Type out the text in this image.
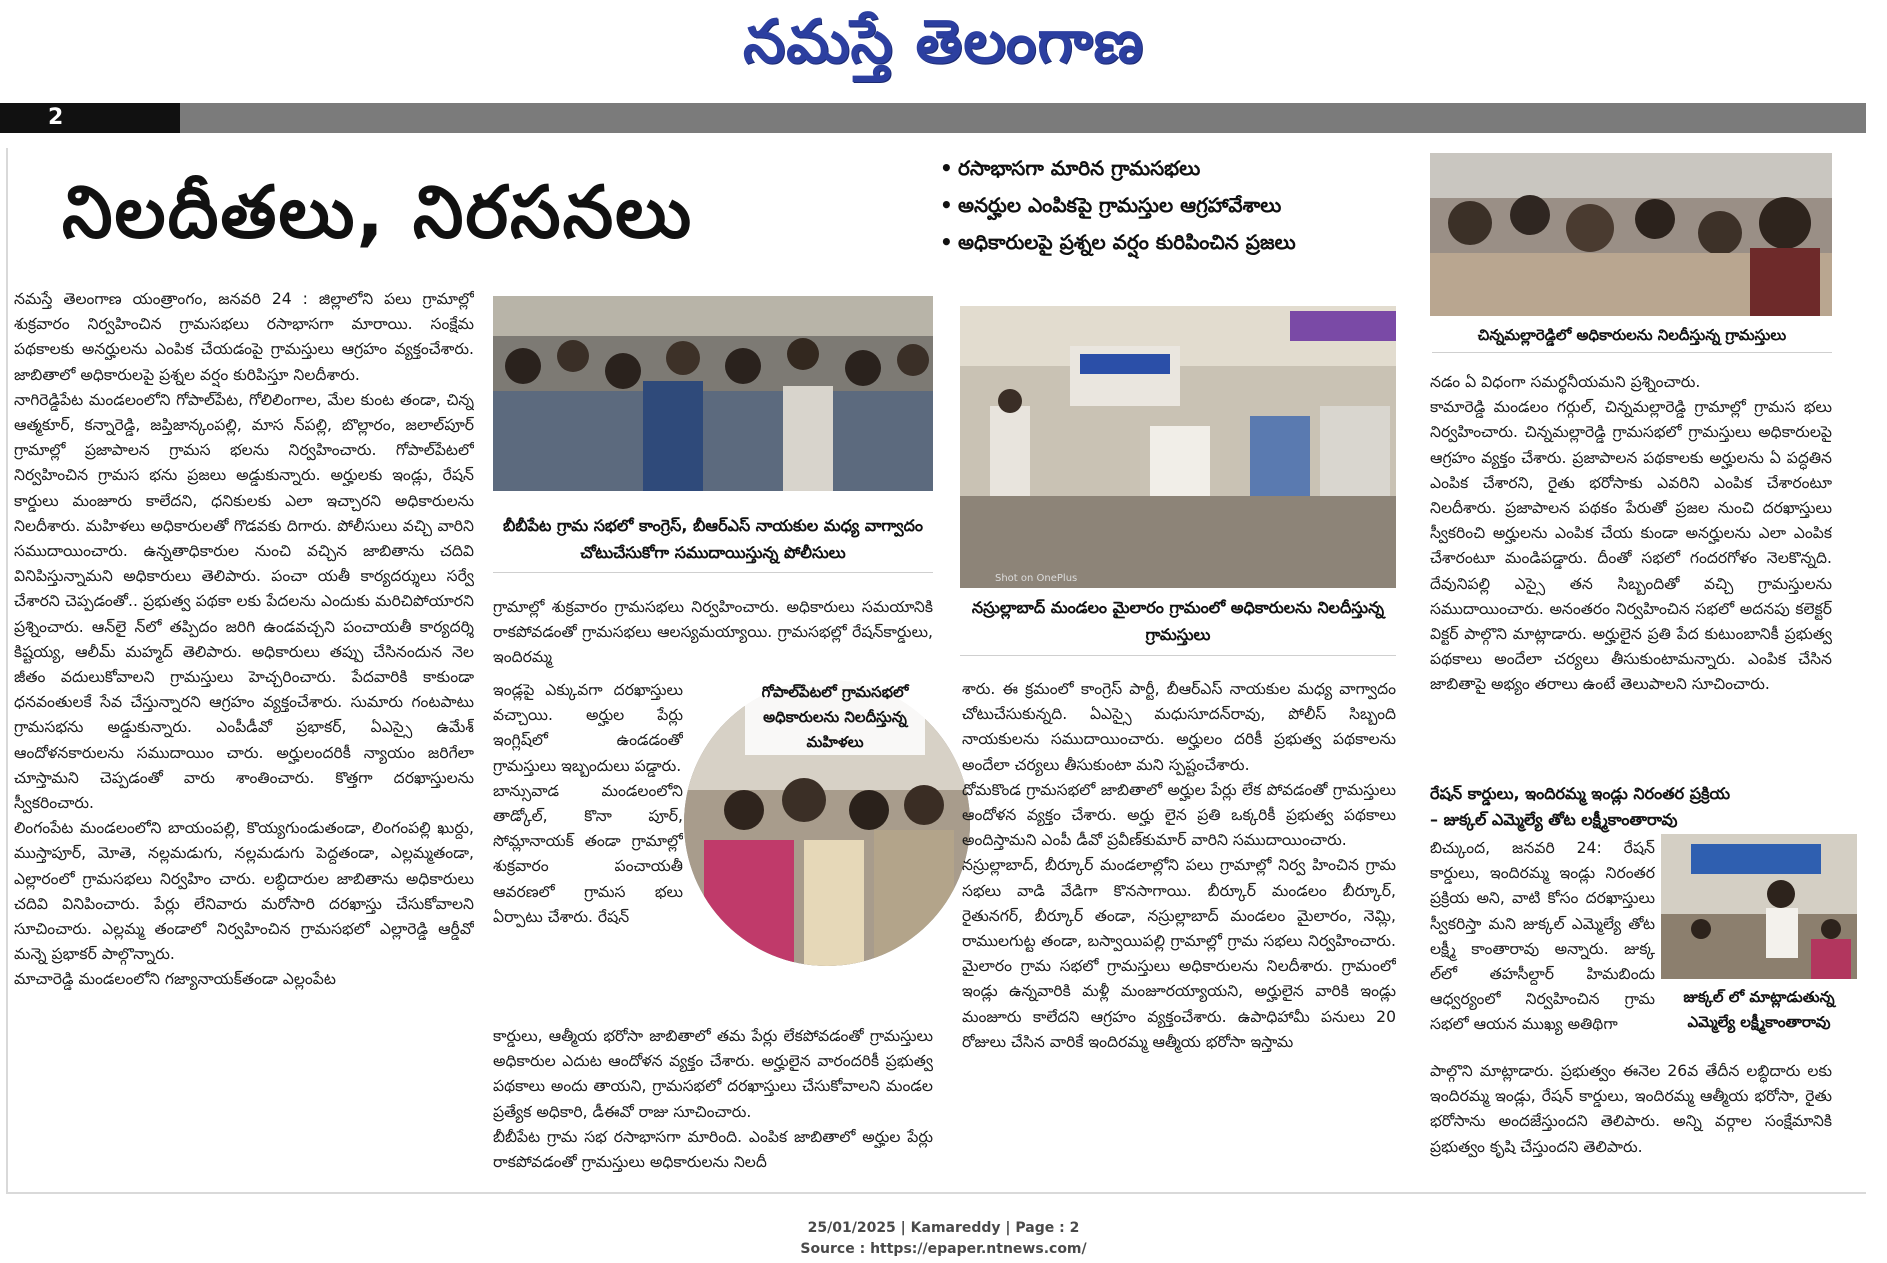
నమస్తే తెలంగాణ
2
నిలదీతలు, నిరసనలు
• రసాభాసగా మారిన గ్రామసభలు
• అనర్హుల ఎంపికపై గ్రామస్తుల ఆగ్రహావేశాలు
• అధికారులపై ప్రశ్నల వర్షం కురిపించిన ప్రజలు
చిన్నమల్లారెడ్డిలో అధికారులను నిలదీస్తున్న గ్రామస్తులు

నమస్తే తెలంగాణ యంత్రాంగం, జనవరి 24 : జిల్లాలోని పలు గ్రామాల్లో శుక్రవారం నిర్వహించిన గ్రామసభలు రసాభాసగా మారాయి. సంక్షేమ పథకాలకు అనర్హులను ఎంపిక చేయడంపై గ్రామస్తులు ఆగ్రహం వ్యక్తంచేశారు. జాబితాలో అధికారులపై ప్రశ్నల వర్షం కురిపిస్తూ నిలదీశారు.

నాగిరెడ్డిపేట మండలంలోని గోపాల్‌పేట, గోలిలింగాల, మేల కుంట తండా, చిన్న ఆత్మకూర్, కన్నారెడ్డి, జప్తిజాన్కంపల్లి, మాస న్‌పల్లి, బొల్లారం, జలాల్‌పూర్ గ్రామాల్లో ప్రజాపాలన గ్రామస భలను నిర్వహించారు. గోపాల్‌పేటలో నిర్వహించిన గ్రామస భను ప్రజలు అడ్డుకున్నారు. అర్హులకు ఇండ్లు, రేషన్ కార్డులు మంజూరు కాలేదని, ధనికులకు ఎలా ఇచ్చారని అధికారులను నిలదీశారు. మహిళలు అధికారులతో గొడవకు దిగారు. పోలీసులు వచ్చి వారిని సముదాయించారు. ఉన్నతాధికారుల నుంచి వచ్చిన జాబితాను చదివి వినిపిస్తున్నామని అధికారులు తెలిపారు. పంచా యతీ కార్యదర్శులు సర్వే చేశారని చెప్పడంతో.. ప్రభుత్వ పథకా లకు పేదలను ఎందుకు మరిచిపోయారని ప్రశ్నించారు. ఆన్‌లై న్‌లో తప్పిదం జరిగి ఉండవచ్చని పంచాయతీ కార్యదర్శి కిష్టయ్య, ఆలీమ్ మహ్మద్ తెలిపారు. అధికారులు తప్పు చేసినందున నెల జీతం వదులుకోవాలని గ్రామస్తులు హెచ్చరించారు. పేదవారికి కాకుండా ధనవంతులకే సేవ చేస్తున్నారని ఆగ్రహం వ్యక్తంచేశారు. సుమారు గంటపాటు గ్రామసభను అడ్డుకున్నారు. ఎంపీడీవో ప్రభాకర్, ఏఎస్సై ఉమేశ్ ఆందోళనకారులను సముదాయిం చారు. అర్హులందరికీ న్యాయం జరిగేలా చూస్తామని చెప్పడంతో వారు శాంతించారు. కొత్తగా దరఖాస్తులను స్వీకరించారు.

లింగంపేట మండలంలోని బాయంపల్లి, కొయ్యగుండుతండా, లింగంపల్లి ఖుర్దు, ముస్తాపూర్, మోతె, నల్లమడుగు, నల్లమడుగు పెద్దతండా, ఎల్లమ్మతండా, ఎల్లారంలో గ్రామసభలు నిర్వహిం చారు. లబ్ధిదారుల జాబితాను అధికారులు చదివి వినిపించారు. పేర్లు లేనివారు మరోసారి దరఖాస్తు చేసుకోవాలని సూచించారు. ఎల్లమ్మ తండాలో నిర్వహించిన గ్రామసభలో ఎల్లారెడ్డి ఆర్డీవో మన్నె ప్రభాకర్ పాల్గొన్నారు.

మాచారెడ్డి మండలంలోని గజ్యానాయక్‌తండా ఎల్లంపేట

బీబీపేట గ్రామ సభలో కాంగ్రెస్, బీఆర్‌ఎస్ నాయకుల మధ్య వాగ్వాదం చోటుచేసుకోగా సముదాయిస్తున్న పోలీసులు
Shot on OnePlus
నస్రుల్లాబాద్ మండలం మైలారం గ్రామంలో అధికారులను నిలదీస్తున్న గ్రామస్తులు

గ్రామాల్లో శుక్రవారం గ్రామసభలు నిర్వహించారు. అధికారులు సమయానికి రాకపోవడంతో గ్రామసభలు ఆలస్యమయ్యాయి. గ్రామసభల్లో రేషన్‌కార్డులు, ఇందిరమ్మ

ఇండ్లపై ఎక్కువగా దరఖాస్తులు వచ్చాయి. అర్హుల పేర్లు ఇంగ్లిష్‌లో ఉండడంతో గ్రామస్తులు ఇబ్బందులు పడ్డారు.

బాన్సువాడ మండలంలోని తాడ్కోల్, కొనా పూర్, సోమ్లానాయక్ తండా గ్రామాల్లో శుక్రవారం పంచాయతీ ఆవరణలో గ్రామస భలు ఏర్పాటు చేశారు. రేషన్

గోపాల్‌పేటలో గ్రామసభలో అధికారులను నిలదీస్తున్న మహిళలు

కార్డులు, ఆత్మీయ భరోసా జాబితాలో తమ పేర్లు లేకపోవడంతో గ్రామస్తులు అధికారుల ఎదుట ఆందోళన వ్యక్తం చేశారు. అర్హులైన వారందరికీ ప్రభుత్వ పథకాలు అందు తాయని, గ్రామసభలో దరఖాస్తులు చేసుకోవాలని మండల ప్రత్యేక అధికారి, డీఈవో రాజు సూచించారు.

బీబీపేట గ్రామ సభ రసాభాసగా మారింది. ఎంపిక జాబితాలో అర్హుల పేర్లు రాకపోవడంతో గ్రామస్తులు అధికారులను నిలదీ

శారు. ఈ క్రమంలో కాంగ్రెస్ పార్టీ, బీఆర్‌ఎస్ నాయకుల మధ్య వాగ్వాదం చోటుచేసుకున్నది. ఏఎస్సై మధుసూదన్‌రావు, పోలీస్ సిబ్బంది నాయకులను సముదాయించారు. అర్హులం దరికీ ప్రభుత్వ పథకాలను అందేలా చర్యలు తీసుకుంటా మని స్పష్టంచేశారు.

దోమకొండ గ్రామసభలో జాబితాలో అర్హుల పేర్లు లేక పోవడంతో గ్రామస్తులు ఆందోళన వ్యక్తం చేశారు. అర్హు లైన ప్రతి ఒక్కరికీ ప్రభుత్వ పథకాలు అందిస్తామని ఎంపీ డీవో ప్రవీణ్‌కుమార్ వారిని సముదాయించారు.

నస్రుల్లాబాద్, బీర్కూర్ మండలాల్లోని పలు గ్రామాల్లో నిర్వ హించిన గ్రామ సభలు వాడి వేడిగా కొనసాగాయి. బీర్కూర్ మండలం బీర్కూర్, రైతునగర్, బీర్కూర్ తండా, నస్రుల్లాబాద్ మండలం మైలారం, నెమ్లి, రాములగుట్ట తండా, బస్వాయిపల్లి గ్రామాల్లో గ్రామ సభలు నిర్వహించారు. మైలారం గ్రామ సభలో గ్రామస్తులు అధికారులను నిలదీశారు. గ్రామంలో ఇండ్లు ఉన్నవారికి మళ్లీ మంజూరయ్యాయని, అర్హులైన వారికి ఇండ్లు మంజూరు కాలేదని ఆగ్రహం వ్యక్తంచేశారు. ఉపాధిహామీ పనులు 20 రోజులు చేసిన వారికే ఇందిరమ్మ ఆత్మీయ భరోసా ఇస్తామ

నడం ఏ విధంగా సమర్థనీయమని ప్రశ్నించారు.

కామారెడ్డి మండలం గర్గుల్, చిన్నమల్లారెడ్డి గ్రామాల్లో గ్రామస భలు నిర్వహించారు. చిన్నమల్లారెడ్డి గ్రామసభలో గ్రామస్తులు అధికారులపై ఆగ్రహం వ్యక్తం చేశారు. ప్రజాపాలన పథకాలకు అర్హులను ఏ పద్ధతిన ఎంపిక చేశారని, రైతు భరోసాకు ఎవరిని ఎంపిక చేశారంటూ నిలదీశారు. ప్రజాపాలన పథకం పేరుతో ప్రజల నుంచి దరఖాస్తులు స్వీకరించి అర్హులను ఎంపిక చేయ కుండా అనర్హులను ఎలా ఎంపిక చేశారంటూ మండిపడ్డారు. దీంతో సభలో గందరగోళం నెలకొన్నది. దేవునిపల్లి ఎస్సై తన సిబ్బందితో వచ్చి గ్రామస్తులను సముదాయించారు. అనంతరం నిర్వహించిన సభలో అదనపు కలెక్టర్ విక్టర్ పాల్గొని మాట్లాడారు. అర్హులైన ప్రతి పేద కుటుంబానికీ ప్రభుత్వ పథకాలు అందేలా చర్యలు తీసుకుంటామన్నారు. ఎంపిక చేసిన జాబితాపై అభ్యం తరాలు ఉంటే తెలుపాలని సూచించారు.

రేషన్ కార్డులు, ఇందిరమ్మ ఇండ్లు నిరంతర ప్రక్రియ
– జుక్కల్ ఎమ్మెల్యే తోట లక్ష్మీకాంతారావు

బిచ్కుంద, జనవరి 24: రేషన్ కార్డులు, ఇందిరమ్మ ఇండ్లు నిరంతర ప్రక్రియ అని, వాటి కోసం దరఖాస్తులు స్వీకరిస్తా మని జుక్కల్ ఎమ్మెల్యే తోట లక్ష్మీ కాంతారావు అన్నారు. జుక్క ల్‌లో తహసీల్దార్ హిమబిందు ఆధ్వర్యంలో నిర్వహించిన గ్రామ సభలో ఆయన ముఖ్య అతిథిగా

జుక్కల్ లో మాట్లాడుతున్న ఎమ్మెల్యే లక్ష్మీకాంతారావు

పాల్గొని మాట్లాడారు. ప్రభుత్వం ఈనెల 26వ తేదీన లబ్ధిదారు లకు ఇందిరమ్మ ఇండ్లు, రేషన్ కార్డులు, ఇందిరమ్మ ఆత్మీయ భరోసా, రైతు భరోసాను అందజేస్తుందని తెలిపారు. అన్ని వర్గాల సంక్షేమానికి ప్రభుత్వం కృషి చేస్తుందని తెలిపారు.

25/01/2025 | Kamareddy | Page : 2
Source : https://epaper.ntnews.com/
